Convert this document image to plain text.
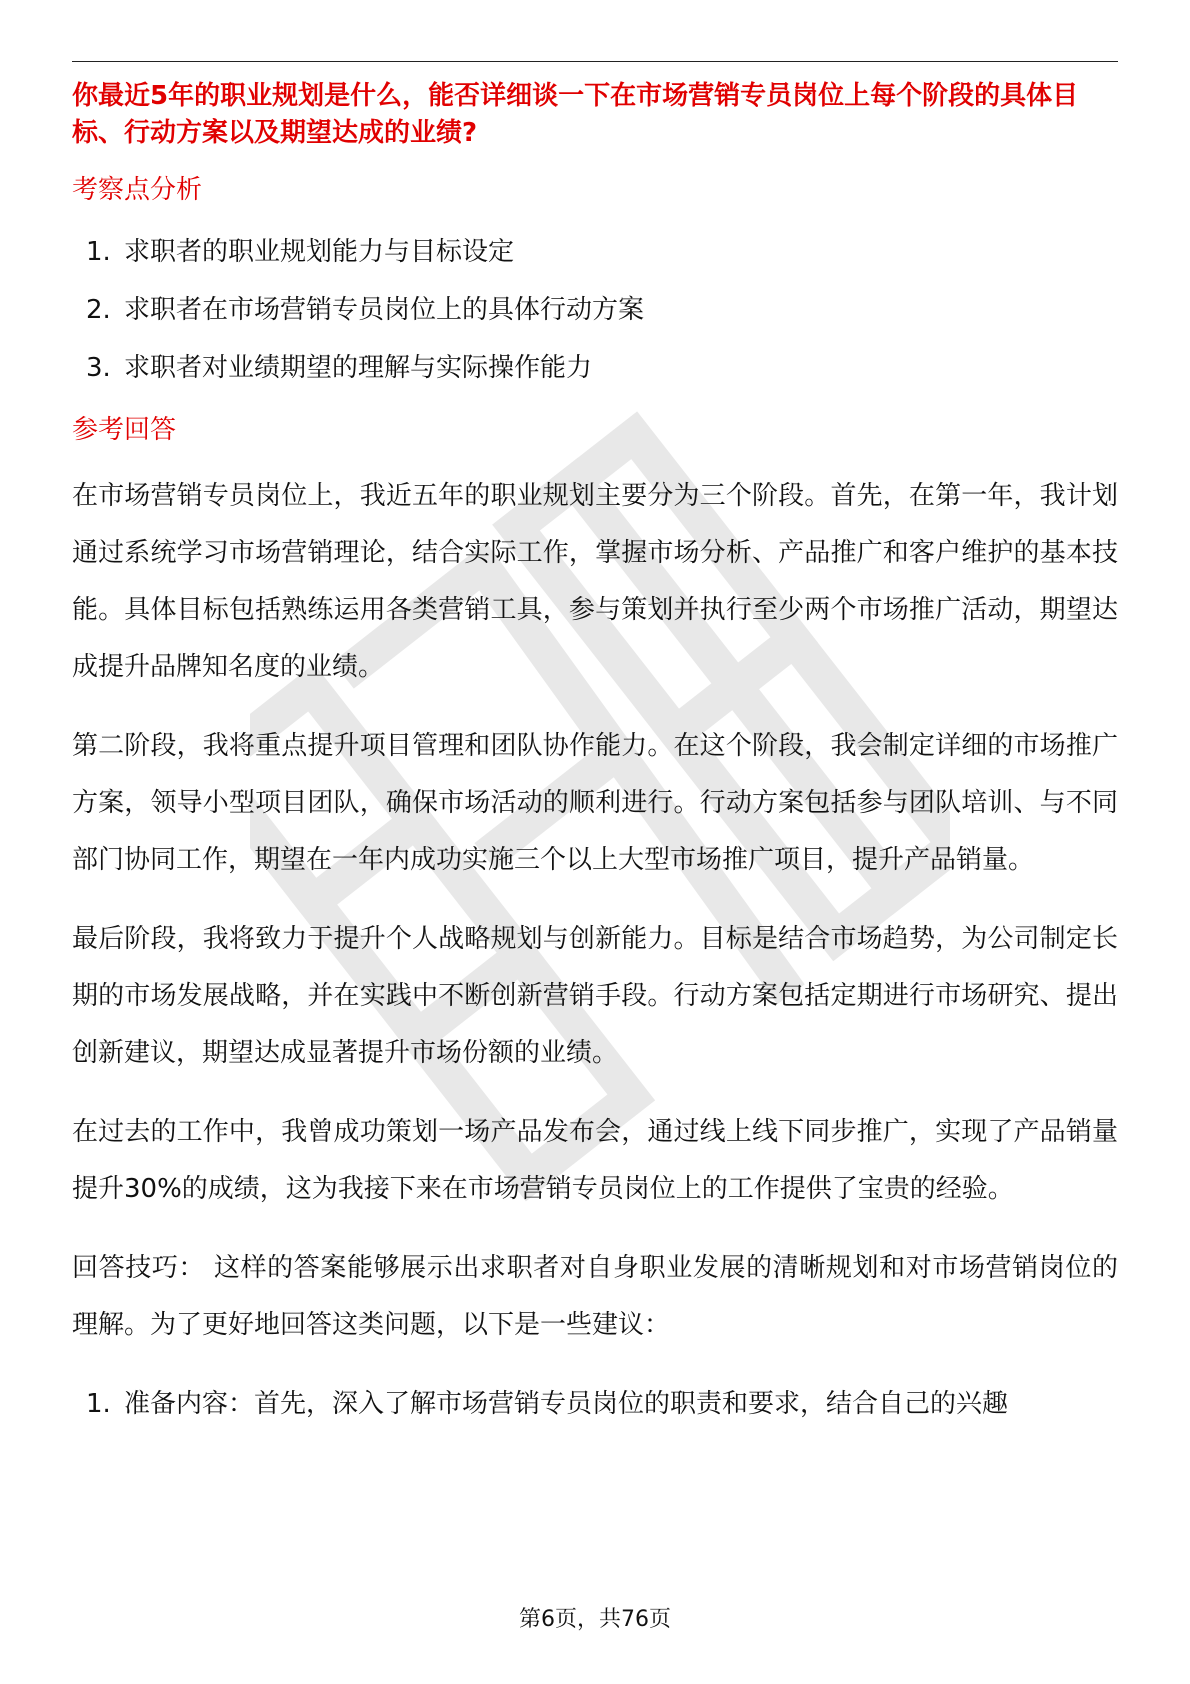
你最近5年的职业规划是什么，能否详细谈一下在市场营销专员岗位上每个阶段的具体目标、行动方案以及期望达成的业绩?

考察点分析

1. 求职者的职业规划能力与目标设定
2. 求职者在市场营销专员岗位上的具体行动方案
3. 求职者对业绩期望的理解与实际操作能力

参考回答

在市场营销专员岗位上，我近五年的职业规划主要分为三个阶段。首先，在第一年，我计划通过系统学习市场营销理论，结合实际工作，掌握市场分析、产品推广和客户维护的基本技能。具体目标包括熟练运用各类营销工具，参与策划并执行至少两个市场推广活动，期望达成提升品牌知名度的业绩。

第二阶段，我将重点提升项目管理和团队协作能力。在这个阶段，我会制定详细的市场推广方案，领导小型项目团队，确保市场活动的顺利进行。行动方案包括参与团队培训、与不同部门协同工作，期望在一年内成功实施三个以上大型市场推广项目，提升产品销量。

最后阶段，我将致力于提升个人战略规划与创新能力。目标是结合市场趋势，为公司制定长期的市场发展战略，并在实践中不断创新营销手段。行动方案包括定期进行市场研究、提出创新建议，期望达成显著提升市场份额的业绩。

在过去的工作中，我曾成功策划一场产品发布会，通过线上线下同步推广，实现了产品销量提升30%的成绩，这为我接下来在市场营销专员岗位上的工作提供了宝贵的经验。

回答技巧： 这样的答案能够展示出求职者对自身职业发展的清晰规划和对市场营销岗位的理解。为了更好地回答这类问题，以下是一些建议：

1. 准备内容：首先，深入了解市场营销专员岗位的职责和要求，结合自己的兴趣
第6页，共76页
